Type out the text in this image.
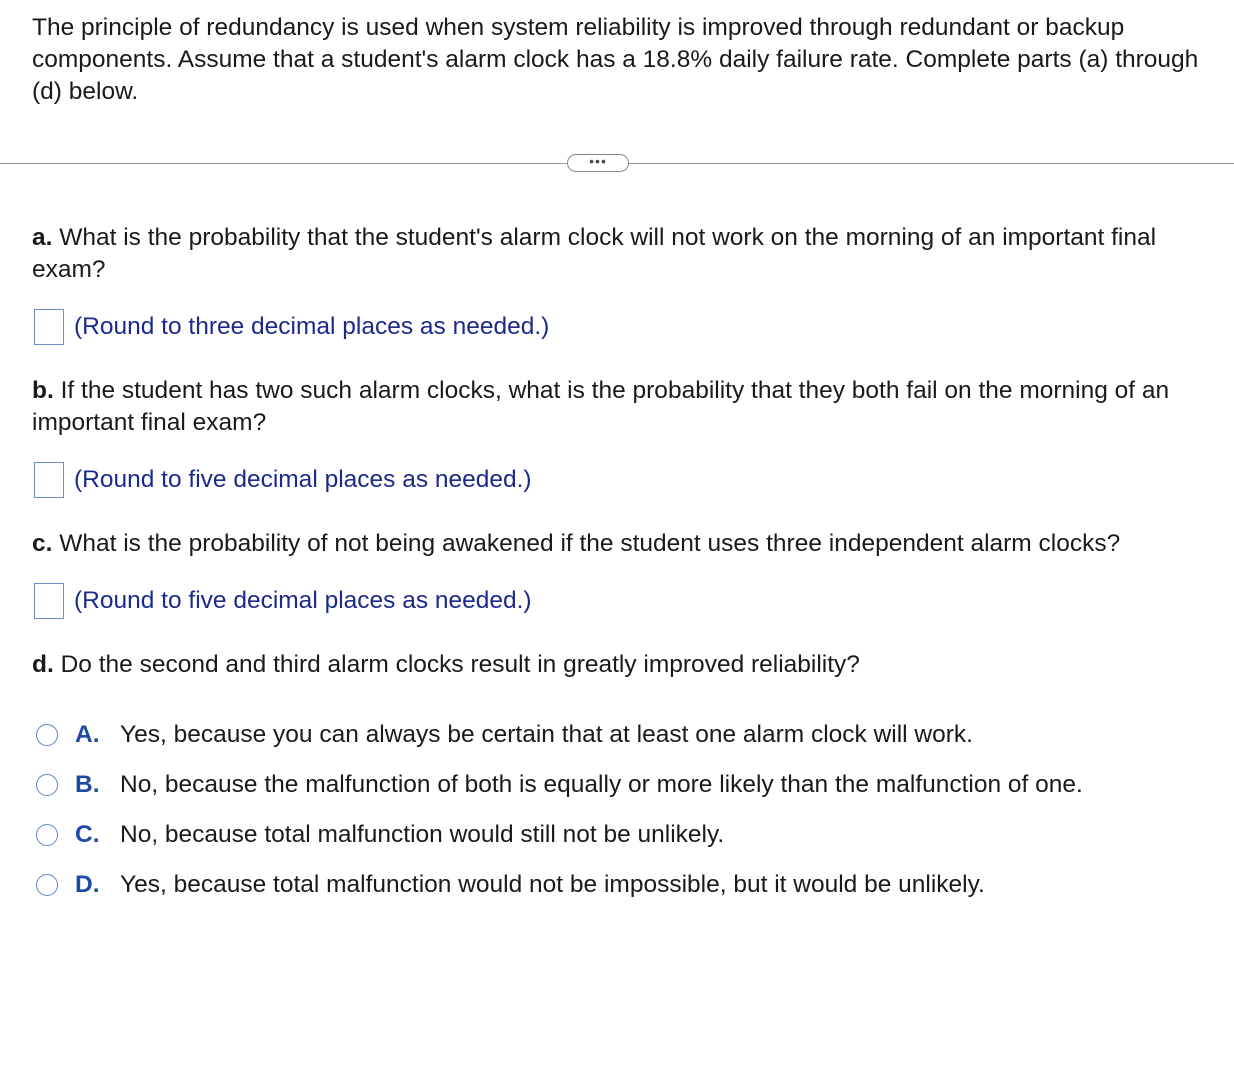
The principle of redundancy is used when system reliability is improved through redundant or backup components. Assume that a student's alarm clock has a 18.8% daily failure rate. Complete parts (a) through (d) below.
•••
a. What is the probability that the student's alarm clock will not work on the morning of an important final exam?
(Round to three decimal places as needed.)
b. If the student has two such alarm clocks, what is the probability that they both fail on the morning of an important final exam?
(Round to five decimal places as needed.)
c. What is the probability of not being awakened if the student uses three independent alarm clocks?
(Round to five decimal places as needed.)
d. Do the second and third alarm clocks result in greatly improved reliability?
A. Yes, because you can always be certain that at least one alarm clock will work.
B. No, because the malfunction of both is equally or more likely than the malfunction of one.
C. No, because total malfunction would still not be unlikely.
D. Yes, because total malfunction would not be impossible, but it would be unlikely.
